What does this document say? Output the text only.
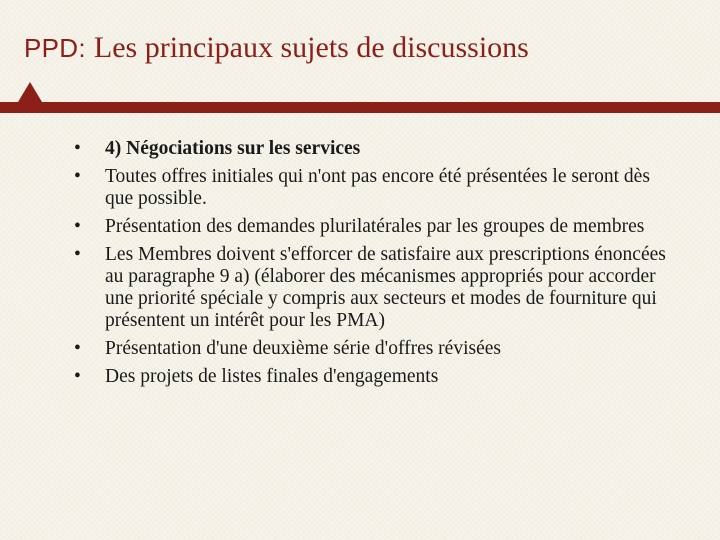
PPD: Les principaux sujets de discussions
• 4) Négociations sur les services
• Toutes offres initiales qui n'ont pas encore été présentées le seront dès que possible.
• Présentation des demandes plurilatérales par les groupes de membres
• Les Membres doivent s'efforcer de satisfaire aux prescriptions énoncées au paragraphe 9 a) (élaborer des mécanismes appropriés pour accorder une priorité spéciale y compris aux secteurs et modes de fourniture qui présentent un intérêt pour les PMA)
• Présentation d'une deuxième série d'offres révisées
• Des projets de listes finales d'engagements
